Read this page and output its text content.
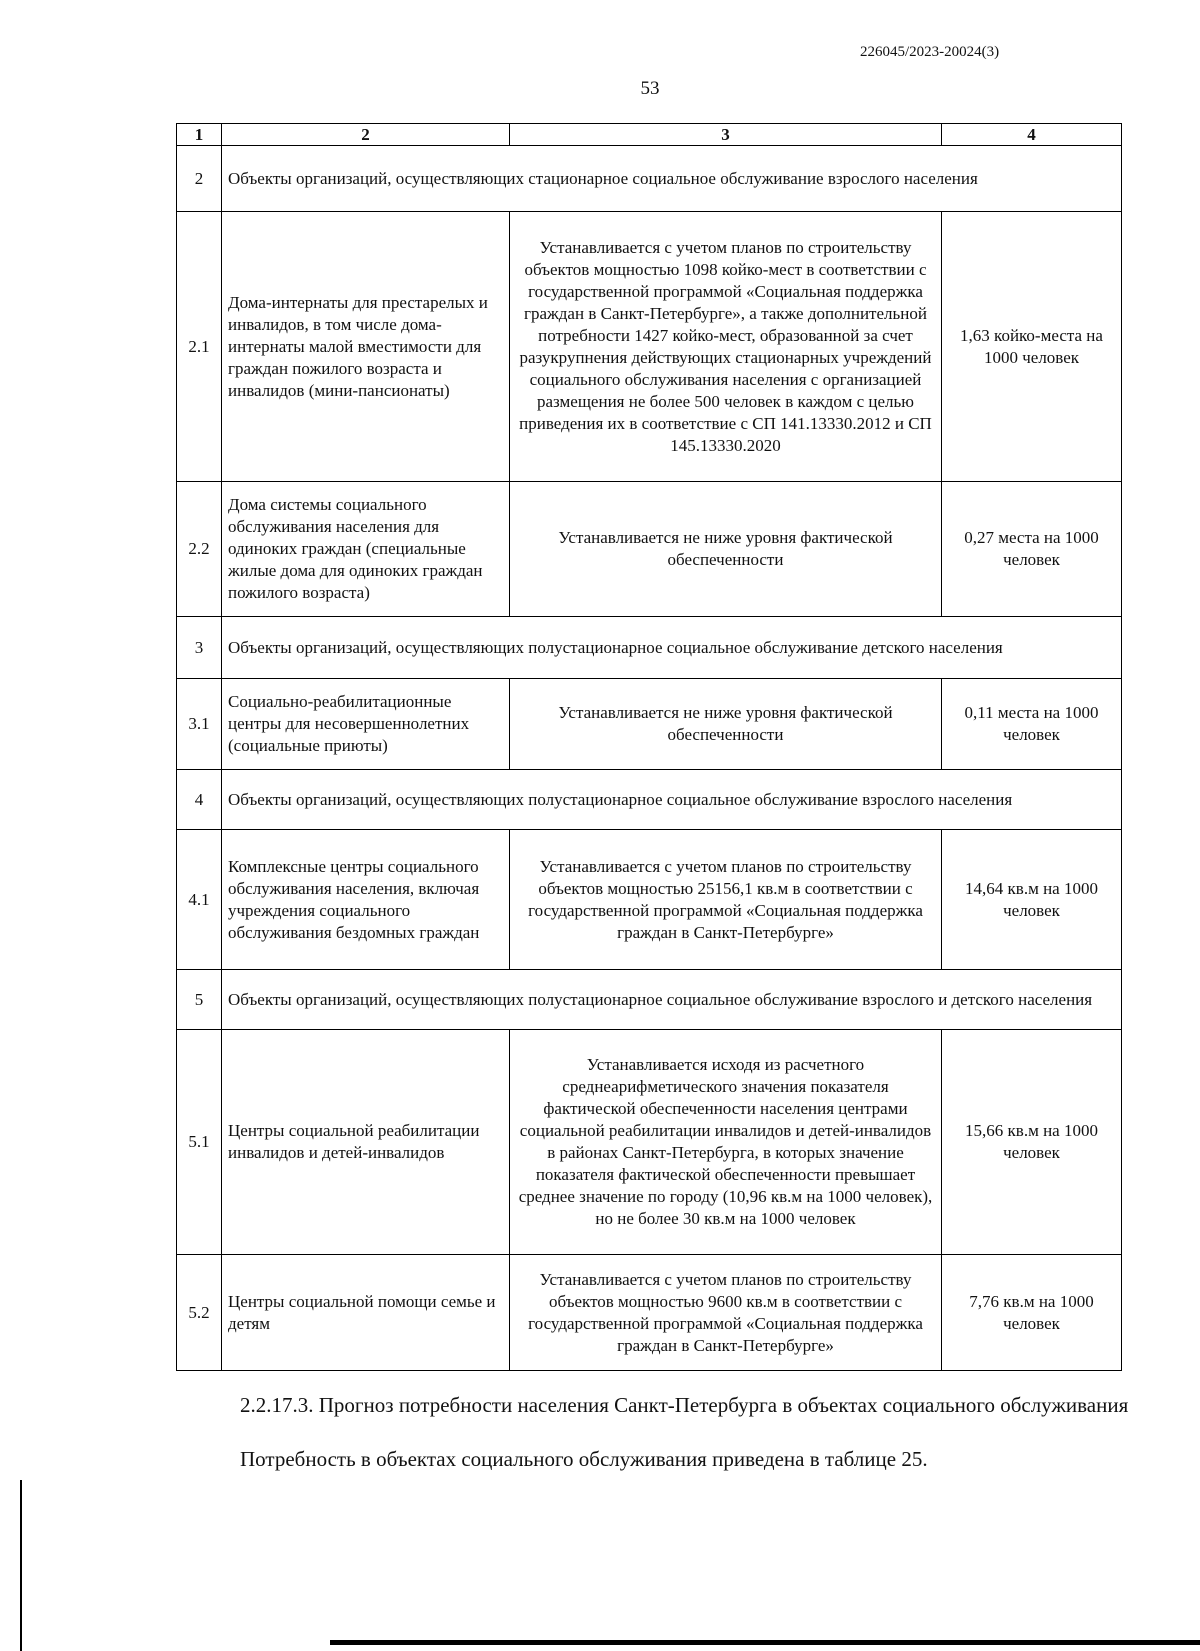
226045/2023-20024(3)
53
1	2	3	4
2	Объекты организаций, осуществляющих стационарное социальное обслуживание взрослого населения		
2.1	Дома-интернаты для престарелых и инвалидов, в том числе дома-интернаты малой вместимости для граждан пожилого возраста и инвалидов (мини-пансионаты)	Устанавливается с учетом планов по строительству объектов мощностью 1098 койко-мест в соответствии с государственной программой «Социальная поддержка граждан в Санкт-Петербурге», а также дополнительной потребности 1427 койко-мест, образованной за счет разукрупнения действующих стационарных учреждений социального обслуживания населения с организацией размещения не более 500 человек в каждом с целью приведения их в соответствие с СП 141.13330.2012 и СП 145.13330.2020	1,63 койко-места на 1000 человек
2.2	Дома системы социального обслуживания населения для одиноких граждан (специальные жилые дома для одиноких граждан пожилого возраста)	Устанавливается не ниже уровня фактической обеспеченности	0,27 места на 1000 человек
3	Объекты организаций, осуществляющих полустационарное социальное обслуживание детского населения		
3.1	Социально-реабилитационные центры для несовершеннолетних (социальные приюты)	Устанавливается не ниже уровня фактической обеспеченности	0,11 места на 1000 человек
4	Объекты организаций, осуществляющих полустационарное социальное обслуживание взрослого населения		
4.1	Комплексные центры социального обслуживания населения, включая учреждения социального обслуживания бездомных граждан	Устанавливается с учетом планов по строительству объектов мощностью 25156,1 кв.м в соответствии с государственной программой «Социальная поддержка граждан в Санкт-Петербурге»	14,64 кв.м на 1000 человек
5	Объекты организаций, осуществляющих полустационарное социальное обслуживание взрослого и детского населения		
5.1	Центры социальной реабилитации инвалидов и детей-инвалидов	Устанавливается исходя из расчетного среднеарифметического значения показателя фактической обеспеченности населения центрами социальной реабилитации инвалидов и детей-инвалидов в районах Санкт-Петербурга, в которых значение показателя фактической обеспеченности превышает среднее значение по городу (10,96 кв.м на 1000 человек), но не более 30 кв.м на 1000 человек	15,66 кв.м на 1000 человек
5.2	Центры социальной помощи семье и детям	Устанавливается с учетом планов по строительству объектов мощностью 9600 кв.м в соответствии с государственной программой «Социальная поддержка граждан в Санкт-Петербурге»	7,76 кв.м на 1000 человек
2.2.17.3. Прогноз потребности населения Санкт-Петербурга в объектах социального обслуживания
Потребность в объектах социального обслуживания приведена в таблице 25.
